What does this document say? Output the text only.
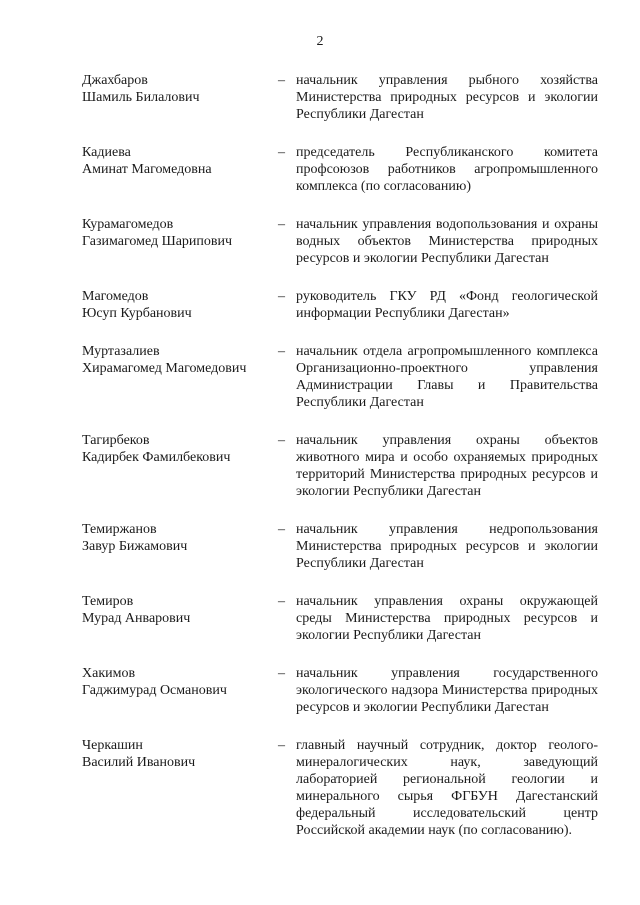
2
Джахбаров
Шамиль Билалович
– начальник управления рыбного хозяйства Министерства природных ресурсов и экологии Республики Дагестан
Кадиева
Аминат Магомедовна
– председатель Республиканского комитета профсоюзов работников агропромышленного комплекса (по согласованию)
Курамагомедов
Газимагомед Шарипович
– начальник управления водопользования и охраны водных объектов Министерства природных ресурсов и экологии Республики Дагестан
Магомедов
Юсуп Курбанович
– руководитель ГКУ РД «Фонд геологической информации Республики Дагестан»
Муртазалиев
Хирамагомед Магомедович
– начальник отдела агропромышленного комплекса Организационно-проектного управления Администрации Главы и Правительства Республики Дагестан
Тагирбеков
Кадирбек Фамилбекович
– начальник управления охраны объектов животного мира и особо охраняемых природных территорий Министерства природных ресурсов и экологии Республики Дагестан
Темиржанов
Завур Бижамович
– начальник управления недропользования Министерства природных ресурсов и экологии Республики Дагестан
Темиров
Мурад Анварович
– начальник управления охраны окружающей среды Министерства природных ресурсов и экологии Республики Дагестан
Хакимов
Гаджимурад Османович
– начальник управления государственного экологического надзора Министерства природных ресурсов и экологии Республики Дагестан
Черкашин
Василий Иванович
– главный научный сотрудник, доктор геолого-минералогических наук, заведующий лабораторией региональной геологии и минерального сырья ФГБУН Дагестанский федеральный исследовательский центр Российской академии наук (по согласованию).
